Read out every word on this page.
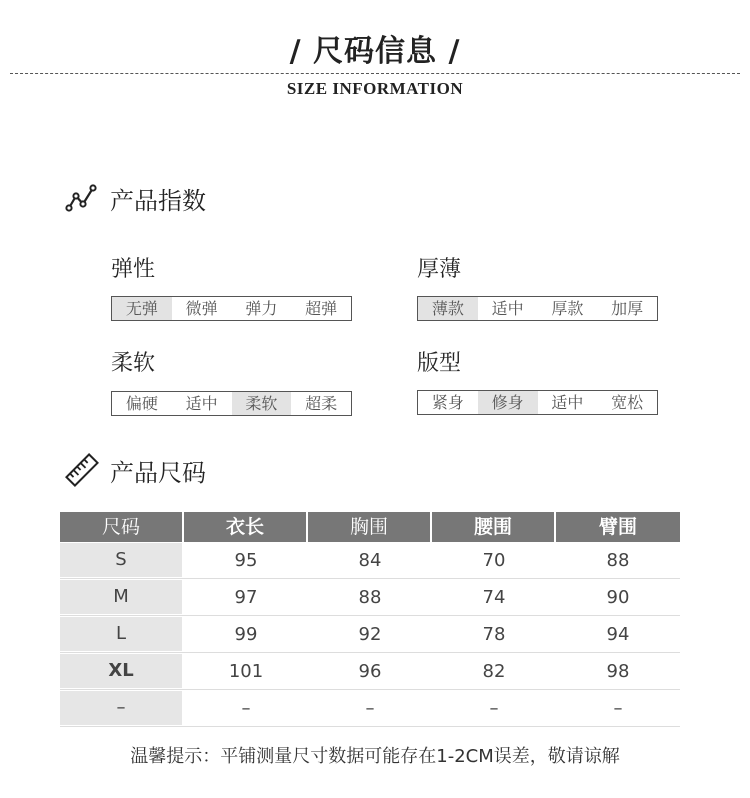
/ 尺码信息 /
SIZE INFORMATION
产品指数
弹性
无弹	微弹	弹力	超弹
厚薄
薄款	适中	厚款	加厚
柔软
偏硬	适中	柔软	超柔
版型
紧身	修身	适中	宽松
产品尺码
尺码	衣长	胸围	腰围	臂围
S	95	84	70	88
M	97	88	74	90
L	99	92	78	94
XL	101	96	82	98
–	–	–	–	–
温馨提示：平铺测量尺寸数据可能存在1-2CM误差，敬请谅解
